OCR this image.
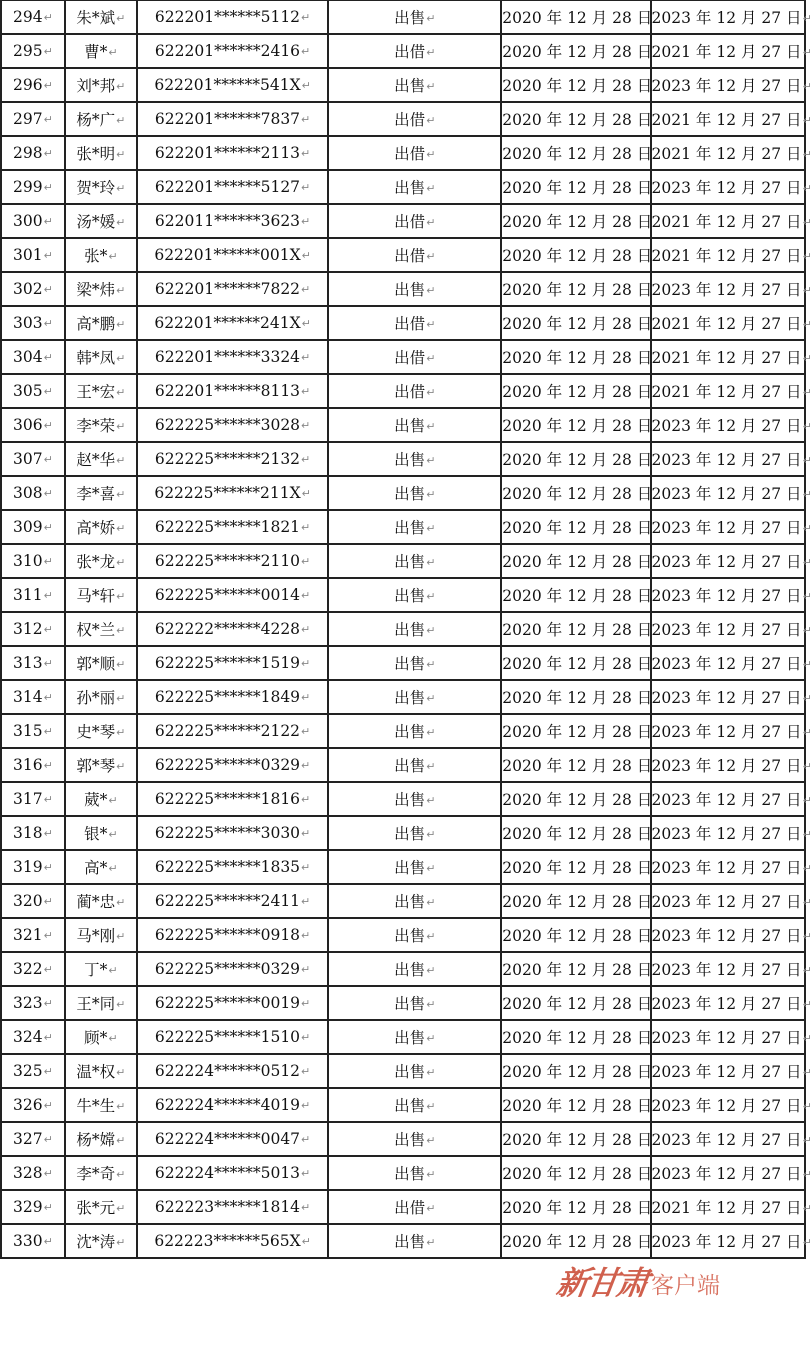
294↵	朱*斌↵	622201******5112↵	出售↵	2020 年 12 月 28 日	2023 年 12 月 27 日↵
295↵	曹*↵	622201******2416↵	出借↵	2020 年 12 月 28 日	2021 年 12 月 27 日↵
296↵	刘*邦↵	622201******541X↵	出售↵	2020 年 12 月 28 日	2023 年 12 月 27 日↵
297↵	杨*广↵	622201******7837↵	出借↵	2020 年 12 月 28 日	2021 年 12 月 27 日↵
298↵	张*明↵	622201******2113↵	出借↵	2020 年 12 月 28 日	2021 年 12 月 27 日↵
299↵	贺*玲↵	622201******5127↵	出售↵	2020 年 12 月 28 日	2023 年 12 月 27 日↵
300↵	汤*媛↵	622011******3623↵	出借↵	2020 年 12 月 28 日	2021 年 12 月 27 日↵
301↵	张*↵	622201******001X↵	出借↵	2020 年 12 月 28 日	2021 年 12 月 27 日↵
302↵	梁*炜↵	622201******7822↵	出售↵	2020 年 12 月 28 日	2023 年 12 月 27 日↵
303↵	高*鹏↵	622201******241X↵	出借↵	2020 年 12 月 28 日	2021 年 12 月 27 日↵
304↵	韩*凤↵	622201******3324↵	出借↵	2020 年 12 月 28 日	2021 年 12 月 27 日↵
305↵	王*宏↵	622201******8113↵	出借↵	2020 年 12 月 28 日	2021 年 12 月 27 日↵
306↵	李*荣↵	622225******3028↵	出售↵	2020 年 12 月 28 日	2023 年 12 月 27 日↵
307↵	赵*华↵	622225******2132↵	出售↵	2020 年 12 月 28 日	2023 年 12 月 27 日↵
308↵	李*喜↵	622225******211X↵	出售↵	2020 年 12 月 28 日	2023 年 12 月 27 日↵
309↵	高*娇↵	622225******1821↵	出售↵	2020 年 12 月 28 日	2023 年 12 月 27 日↵
310↵	张*龙↵	622225******2110↵	出售↵	2020 年 12 月 28 日	2023 年 12 月 27 日↵
311↵	马*轩↵	622225******0014↵	出售↵	2020 年 12 月 28 日	2023 年 12 月 27 日↵
312↵	权*兰↵	622222******4228↵	出售↵	2020 年 12 月 28 日	2023 年 12 月 27 日↵
313↵	郭*顺↵	622225******1519↵	出售↵	2020 年 12 月 28 日	2023 年 12 月 27 日↵
314↵	孙*丽↵	622225******1849↵	出售↵	2020 年 12 月 28 日	2023 年 12 月 27 日↵
315↵	史*琴↵	622225******2122↵	出售↵	2020 年 12 月 28 日	2023 年 12 月 27 日↵
316↵	郭*琴↵	622225******0329↵	出售↵	2020 年 12 月 28 日	2023 年 12 月 27 日↵
317↵	葳*↵	622225******1816↵	出售↵	2020 年 12 月 28 日	2023 年 12 月 27 日↵
318↵	银*↵	622225******3030↵	出售↵	2020 年 12 月 28 日	2023 年 12 月 27 日↵
319↵	高*↵	622225******1835↵	出售↵	2020 年 12 月 28 日	2023 年 12 月 27 日↵
320↵	蔺*忠↵	622225******2411↵	出售↵	2020 年 12 月 28 日	2023 年 12 月 27 日↵
321↵	马*刚↵	622225******0918↵	出售↵	2020 年 12 月 28 日	2023 年 12 月 27 日↵
322↵	丁*↵	622225******0329↵	出售↵	2020 年 12 月 28 日	2023 年 12 月 27 日↵
323↵	王*同↵	622225******0019↵	出售↵	2020 年 12 月 28 日	2023 年 12 月 27 日↵
324↵	顾*↵	622225******1510↵	出售↵	2020 年 12 月 28 日	2023 年 12 月 27 日↵
325↵	温*权↵	622224******0512↵	出售↵	2020 年 12 月 28 日	2023 年 12 月 27 日↵
326↵	牛*生↵	622224******4019↵	出售↵	2020 年 12 月 28 日	2023 年 12 月 27 日↵
327↵	杨*嫦↵	622224******0047↵	出售↵	2020 年 12 月 28 日	2023 年 12 月 27 日↵
328↵	李*奇↵	622224******5013↵	出售↵	2020 年 12 月 28 日	2023 年 12 月 27 日↵
329↵	张*元↵	622223******1814↵	出借↵	2020 年 12 月 28 日	2021 年 12 月 27 日↵
330↵	沈*涛↵	622223******565X↵	出售↵	2020 年 12 月 28 日	2023 年 12 月 27 日↵
新甘肃 客户端
